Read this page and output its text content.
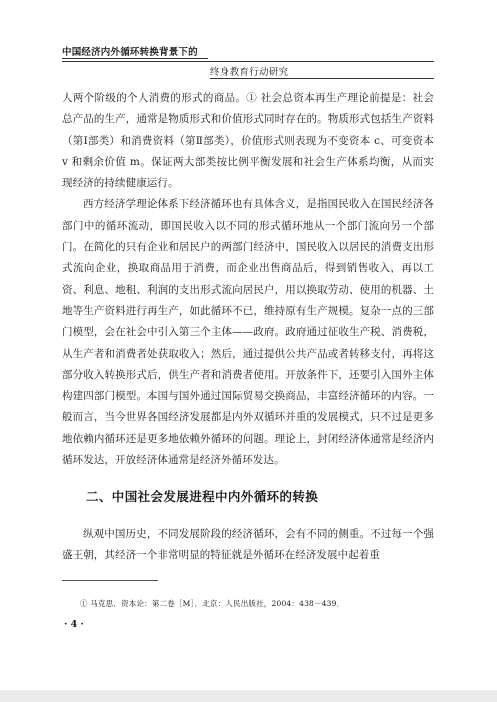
中国经济内外循环转换背景下的
终身教育行动研究

人两个阶级的个人消费的形式的商品。① 社会总资本再生产理论前提是：社会总产品的生产，通常是物质形式和价值形式同时存在的。物质形式包括生产资料（第Ⅰ部类）和消费资料（第Ⅱ部类），价值形式则表现为不变资本 c、可变资本 v 和剩余价值 m。保证两大部类按比例平衡发展和社会生产体系均衡，从而实现经济的持续健康运行。

西方经济学理论体系下经济循环也有具体含义，是指国民收入在国民经济各部门中的循环流动，即国民收入以不同的形式循环地从一个部门流向另一个部门。在简化的只有企业和居民户的两部门经济中，国民收入以居民的消费支出形式流向企业，换取商品用于消费，而企业出售商品后，得到销售收入，再以工资、利息、地租、利润的支出形式流向居民户，用以换取劳动、使用的机器、土地等生产资料进行再生产，如此循环不已，维持原有生产规模。复杂一点的三部门模型，会在社会中引入第三个主体——政府。政府通过征收生产税、消费税，从生产者和消费者处获取收入；然后，通过提供公共产品或者转移支付，再将这部分收入转换形式后，供生产者和消费者使用。开放条件下，还要引入国外主体构建四部门模型。本国与国外通过国际贸易交换商品，丰富经济循环的内容。一般而言，当今世界各国经济发展都是内外双循环并重的发展模式，只不过是更多地依赖内循环还是更多地依赖外循环的问题。理论上，封闭经济体通常是经济内循环发达，开放经济体通常是经济外循环发达。

二、中国社会发展进程中内外循环的转换

纵观中国历史，不同发展阶段的经济循环，会有不同的侧重。不过每一个强盛王朝，其经济一个非常明显的特征就是外循环在经济发展中起着重

① 马克思．资本论：第二卷［M］．北京：人民出版社，2004：438－439．
· 4 ·
